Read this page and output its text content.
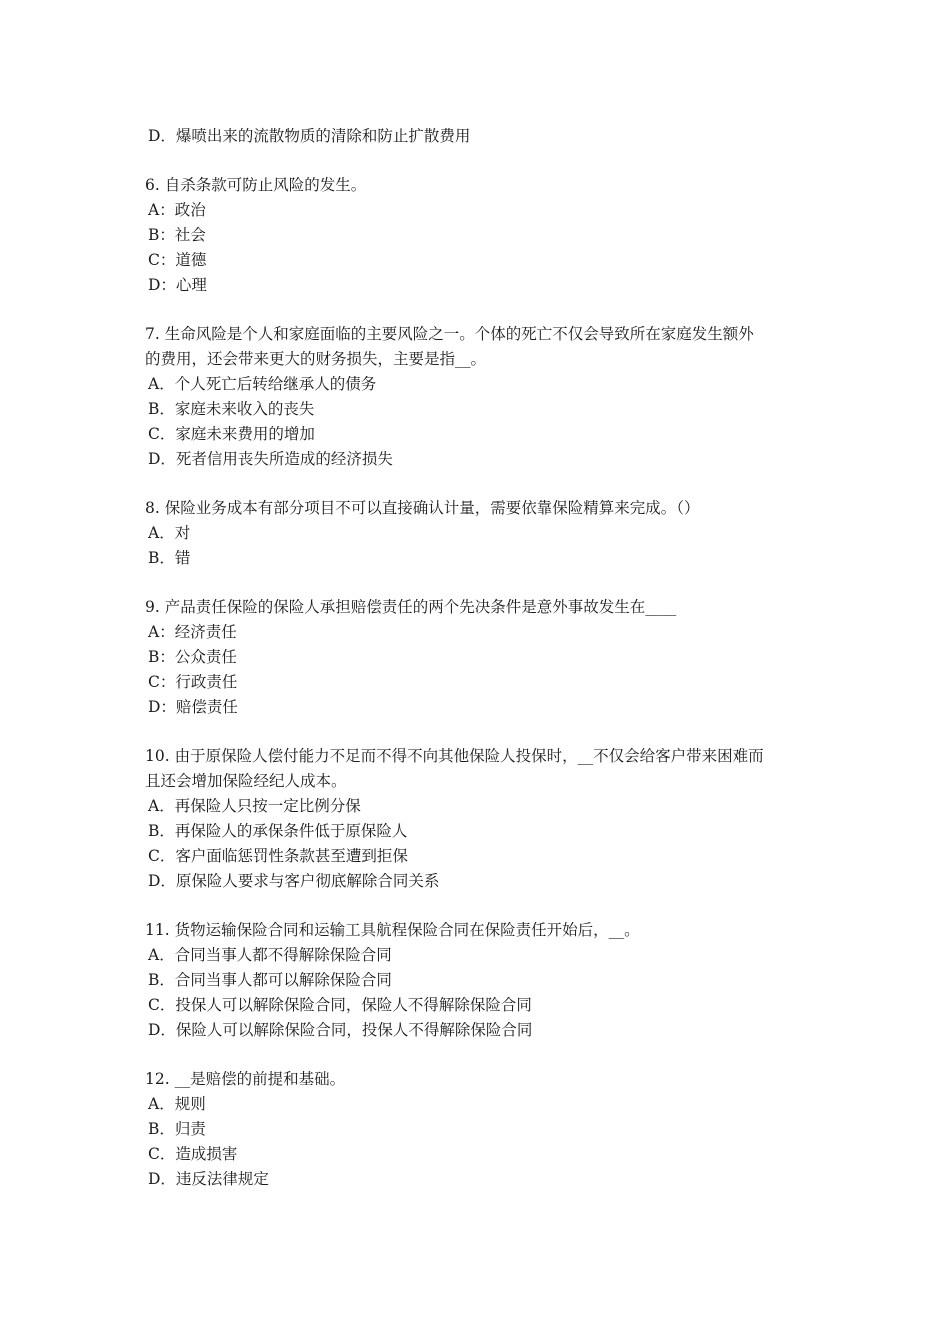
D．爆喷出来的流散物质的清除和防止扩散费用
6. 自杀条款可防止风险的发生。
A：政治
B：社会
C：道德
D：心理
7. 生命风险是个人和家庭面临的主要风险之一。个体的死亡不仅会导致所在家庭发生额外
的费用，还会带来更大的财务损失，主要是指__。
A．个人死亡后转给继承人的债务
B．家庭未来收入的丧失
C．家庭未来费用的增加
D．死者信用丧失所造成的经济损失
8. 保险业务成本有部分项目不可以直接确认计量，需要依靠保险精算来完成。（）
A．对
B．错
9. 产品责任保险的保险人承担赔偿责任的两个先决条件是意外事故发生在____
A：经济责任
B：公众责任
C：行政责任
D：赔偿责任
10. 由于原保险人偿付能力不足而不得不向其他保险人投保时，__不仅会给客户带来困难而
且还会增加保险经纪人成本。
A．再保险人只按一定比例分保
B．再保险人的承保条件低于原保险人
C．客户面临惩罚性条款甚至遭到拒保
D．原保险人要求与客户彻底解除合同关系
11. 货物运输保险合同和运输工具航程保险合同在保险责任开始后，__。
A．合同当事人都不得解除保险合同
B．合同当事人都可以解除保险合同
C．投保人可以解除保险合同，保险人不得解除保险合同
D．保险人可以解除保险合同，投保人不得解除保险合同
12. __是赔偿的前提和基础。
A．规则
B．归责
C．造成损害
D．违反法律规定
